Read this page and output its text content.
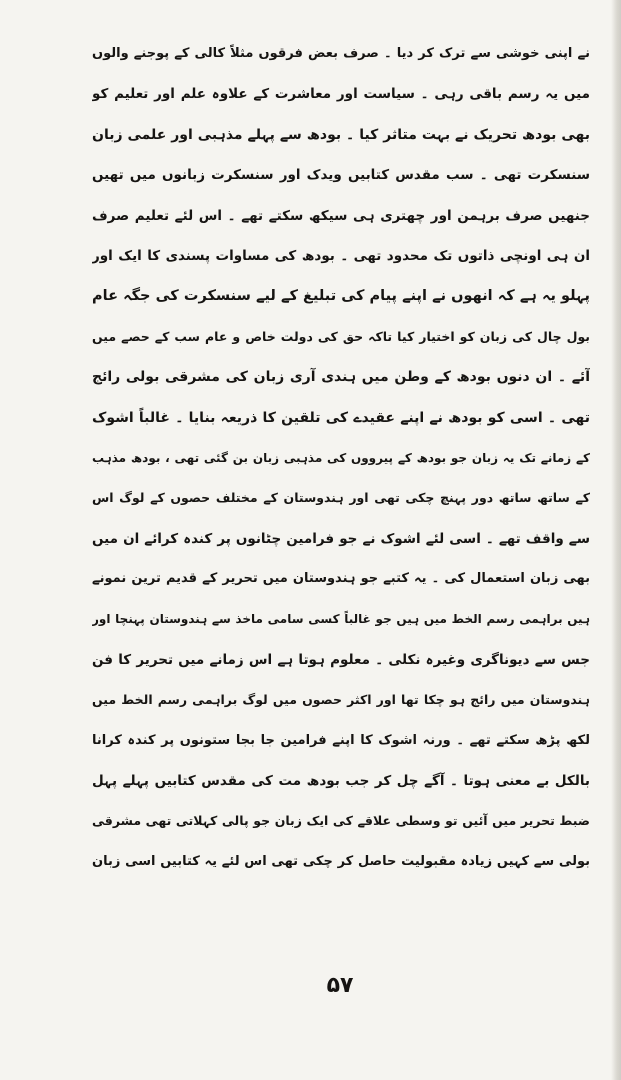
نے اپنی خوشی سے ترک کر دیا ۔ صرف بعض فرقوں مثلاً کالی کے پوجنے والوں
میں یہ رسم باقی رہی ۔ سیاست اور معاشرت کے علاوہ علم اور تعلیم کو
بھی بودھ تحریک نے بہت متاثر کیا ۔ بودھ سے پہلے مذہبی اور علمی زبان
سنسکرت تھی ۔ سب مقدس کتابیں ویدک اور سنسکرت زبانوں میں تھیں
جنھیں صرف برہمن اور چھتری ہی سیکھ سکتے تھے ۔ اس لئے تعلیم صرف
ان ہی اونچی ذاتوں تک محدود تھی ۔ بودھ کی مساوات پسندی کا ایک اور
پہلو یہ ہے کہ انھوں نے اپنے پیام کی تبلیغ کے لیے سنسکرت کی جگہ عام
بول چال کی زبان کو اختیار کیا تاکہ حق کی دولت خاص و عام سب کے حصے میں
آئے ۔ ان دنوں بودھ کے وطن میں ہندی آری زبان کی مشرقی بولی رائج
تھی ۔ اسی کو بودھ نے اپنے عقیدے کی تلقین کا ذریعہ بنایا ۔ غالباً اشوک
کے زمانے تک یہ زبان جو بودھ کے پیرووں کی مذہبی زبان بن گئی تھی ، بودھ مذہب
کے ساتھ ساتھ دور پہنچ چکی تھی اور ہندوستان کے مختلف حصوں کے لوگ اس
سے واقف تھے ۔ اسی لئے اشوک نے جو فرامین چٹانوں پر کندہ کرائے ان میں
بھی زبان استعمال کی ۔ یہ کتبے جو ہندوستان میں تحریر کے قدیم ترین نمونے
ہیں براہمی رسم الخط میں ہیں جو غالباً کسی سامی ماخذ سے ہندوستان پہنچا اور
جس سے دیوناگری وغیرہ نکلی ۔ معلوم ہوتا ہے اس زمانے میں تحریر کا فن
ہندوستان میں رائج ہو چکا تھا اور اکثر حصوں میں لوگ براہمی رسم الخط میں
لکھ پڑھ سکتے تھے ۔ ورنہ اشوک کا اپنے فرامین جا بجا ستونوں پر کندہ کرانا
بالکل بے معنی ہوتا ۔ آگے چل کر جب بودھ مت کی مقدس کتابیں پہلے پہل
ضبط تحریر میں آئیں تو وسطی علاقے کی ایک زبان جو پالی کہلاتی تھی مشرقی
بولی سے کہیں زیادہ مقبولیت حاصل کر چکی تھی اس لئے یہ کتابیں اسی زبان
۵۷
